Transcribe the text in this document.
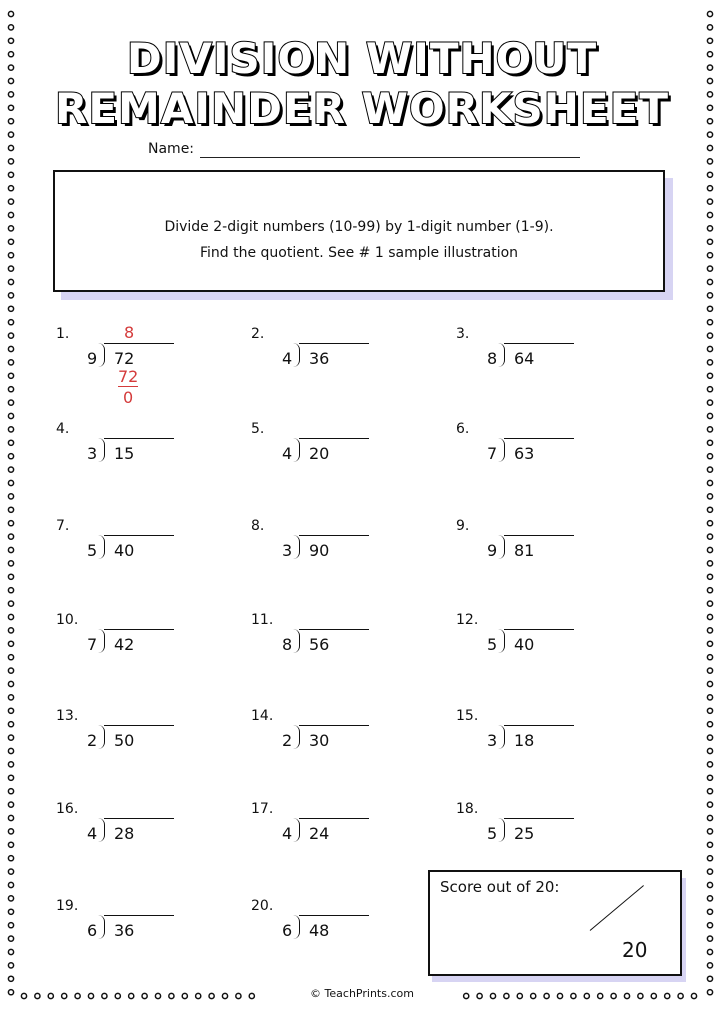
DIVISION WITHOUT
REMAINDER WORKSHEET
Name:
Divide 2-digit numbers (10-99) by 1-digit number (1-9).
Find the quotient. See # 1 sample illustration
1.
9 72
8
72
0
2.
4 36
3.
8 64
4.
3 15
5.
4 20
6.
7 63
7.
5 40
8.
3 90
9.
9 81
10.
7 42
11.
8 56
12.
5 40
13.
2 50
14.
2 30
15.
3 18
16.
4 28
17.
4 24
18.
5 25
19.
6 36
20.
6 48
Score out of 20:
20
© TeachPrints.com
